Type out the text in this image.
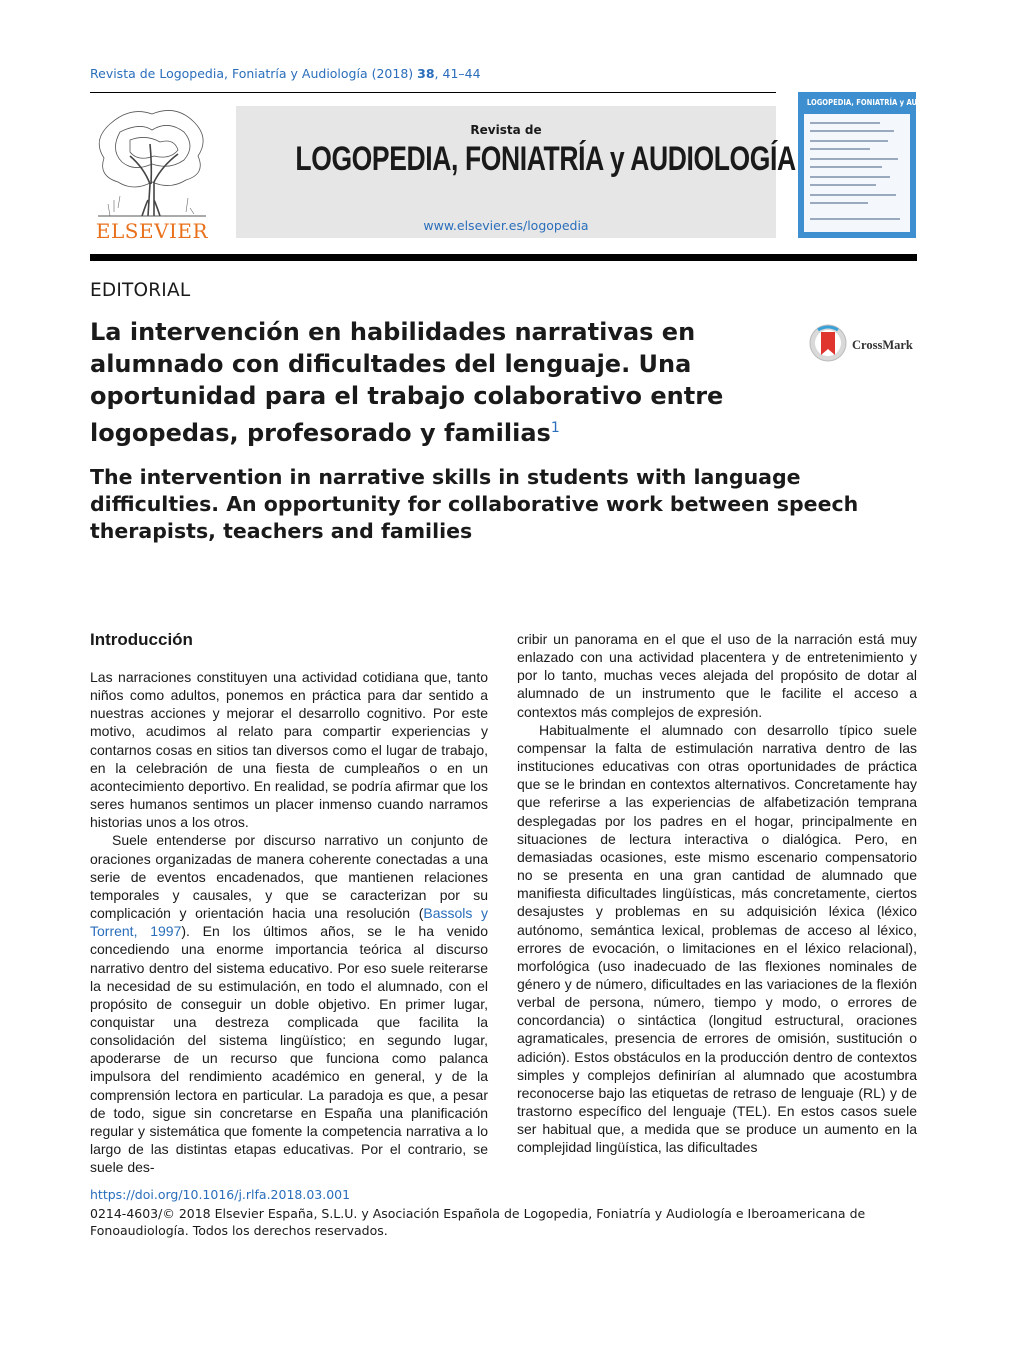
Revista de Logopedia, Foniatría y Audiología (2018) 38, 41–44
ELSEVIER
Revista de
LOGOPEDIA, FONIATRÍA y AUDIOLOGÍA
www.elsevier.es/logopedia
LOGOPEDIA, FONIATRÍA y AUDIOLOGÍA
EDITORIAL
La intervención en habilidades narrativas en alumnado con dificultades del lenguaje. Una oportunidad para el trabajo colaborativo entre logopedas, profesorado y familias$^1$
CrossMark
The intervention in narrative skills in students with language difficulties. An opportunity for collaborative work between speech therapists, teachers and families
Introducción

Las narraciones constituyen una actividad cotidiana que, tanto niños como adultos, ponemos en práctica para dar sentido a nuestras acciones y mejorar el desarrollo cognitivo. Por este motivo, acudimos al relato para compartir experiencias y contarnos cosas en sitios tan diversos como el lugar de trabajo, en la celebración de una fiesta de cumpleaños o en un acontecimiento deportivo. En realidad, se podría afirmar que los seres humanos sentimos un placer inmenso cuando narramos historias unos a los otros.

Suele entenderse por discurso narrativo un conjunto de oraciones organizadas de manera coherente conectadas a una serie de eventos encadenados, que mantienen relaciones temporales y causales, y que se caracterizan por su complicación y orientación hacia una resolución (Bassols y Torrent, 1997). En los últimos años, se le ha venido concediendo una enorme importancia teórica al discurso narrativo dentro del sistema educativo. Por eso suele reiterarse la necesidad de su estimulación, en todo el alumnado, con el propósito de conseguir un doble objetivo. En primer lugar, conquistar una destreza complicada que facilita la consolidación del sistema lingüístico; en segundo lugar, apoderarse de un recurso que funciona como palanca impulsora del rendimiento académico en general, y de la comprensión lectora en particular. La paradoja es que, a pesar de todo, sigue sin concretarse en España una planificación regular y sistemática que fomente la competencia narrativa a lo largo de las distintas etapas educativas. Por el contrario, se suele des-

cribir un panorama en el que el uso de la narración está muy enlazado con una actividad placentera y de entretenimiento y por lo tanto, muchas veces alejada del propósito de dotar al alumnado de un instrumento que le facilite el acceso a contextos más complejos de expresión.

Habitualmente el alumnado con desarrollo típico suele compensar la falta de estimulación narrativa dentro de las instituciones educativas con otras oportunidades de práctica que se le brindan en contextos alternativos. Concretamente hay que referirse a las experiencias de alfabetización temprana desplegadas por los padres en el hogar, principalmente en situaciones de lectura interactiva o dialógica. Pero, en demasiadas ocasiones, este mismo escenario compensatorio no se presenta en una gran cantidad de alumnado que manifiesta dificultades lingüísticas, más concretamente, ciertos desajustes y problemas en su adquisición léxica (léxico autónomo, semántica lexical, problemas de acceso al léxico, errores de evocación, o limitaciones en el léxico relacional), morfológica (uso inadecuado de las flexiones nominales de género y de número, dificultades en las variaciones de la flexión verbal de persona, número, tiempo y modo, o errores de concordancia) o sintáctica (longitud estructural, oraciones agramaticales, presencia de errores de omisión, sustitución o adición). Estos obstáculos en la producción dentro de contextos simples y complejos definirían al alumnado que acostumbra reconocerse bajo las etiquetas de retraso de lenguaje (RL) y de trastorno específico del lenguaje (TEL). En estos casos suele ser habitual que, a medida que se produce un aumento en la complejidad lingüística, las dificultades

https://doi.org/10.1016/j.rlfa.2018.03.001
0214-4603/© 2018 Elsevier España, S.L.U. y Asociación Española de Logopedia, Foniatría y Audiología e Iberoamericana de Fonoaudiología. Todos los derechos reservados.
